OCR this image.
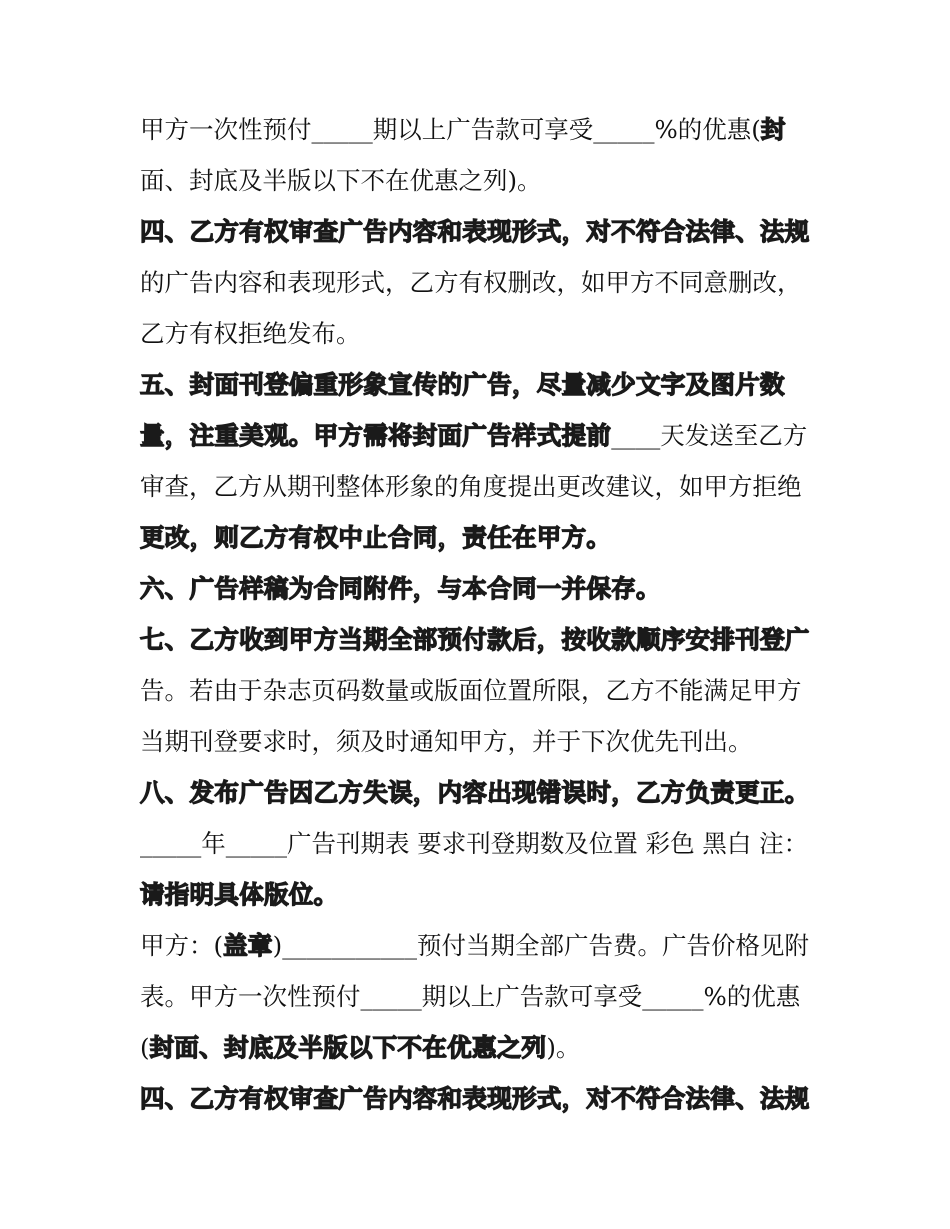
甲方一次性预付_____期以上广告款可享受_____%的优惠(封
面、封底及半版以下不在优惠之列)。
四、乙方有权审查广告内容和表现形式，对不符合法律、法规
的广告内容和表现形式，乙方有权删改，如甲方不同意删改，
乙方有权拒绝发布。
五、封面刊登偏重形象宣传的广告，尽量减少文字及图片数
量，注重美观。甲方需将封面广告样式提前____天发送至乙方
审查，乙方从期刊整体形象的角度提出更改建议，如甲方拒绝
更改，则乙方有权中止合同，责任在甲方。
六、广告样稿为合同附件，与本合同一并保存。
七、乙方收到甲方当期全部预付款后，按收款顺序安排刊登广
告。若由于杂志页码数量或版面位置所限，乙方不能满足甲方
当期刊登要求时，须及时通知甲方，并于下次优先刊出。
八、发布广告因乙方失误，内容出现错误时，乙方负责更正。
_____年_____广告刊期表 要求刊登期数及位置 彩色 黑白 注：
请指明具体版位。
甲方：(盖章)___________预付当期全部广告费。广告价格见附
表。甲方一次性预付_____期以上广告款可享受_____%的优惠
(封面、封底及半版以下不在优惠之列)。
四、乙方有权审查广告内容和表现形式，对不符合法律、法规
